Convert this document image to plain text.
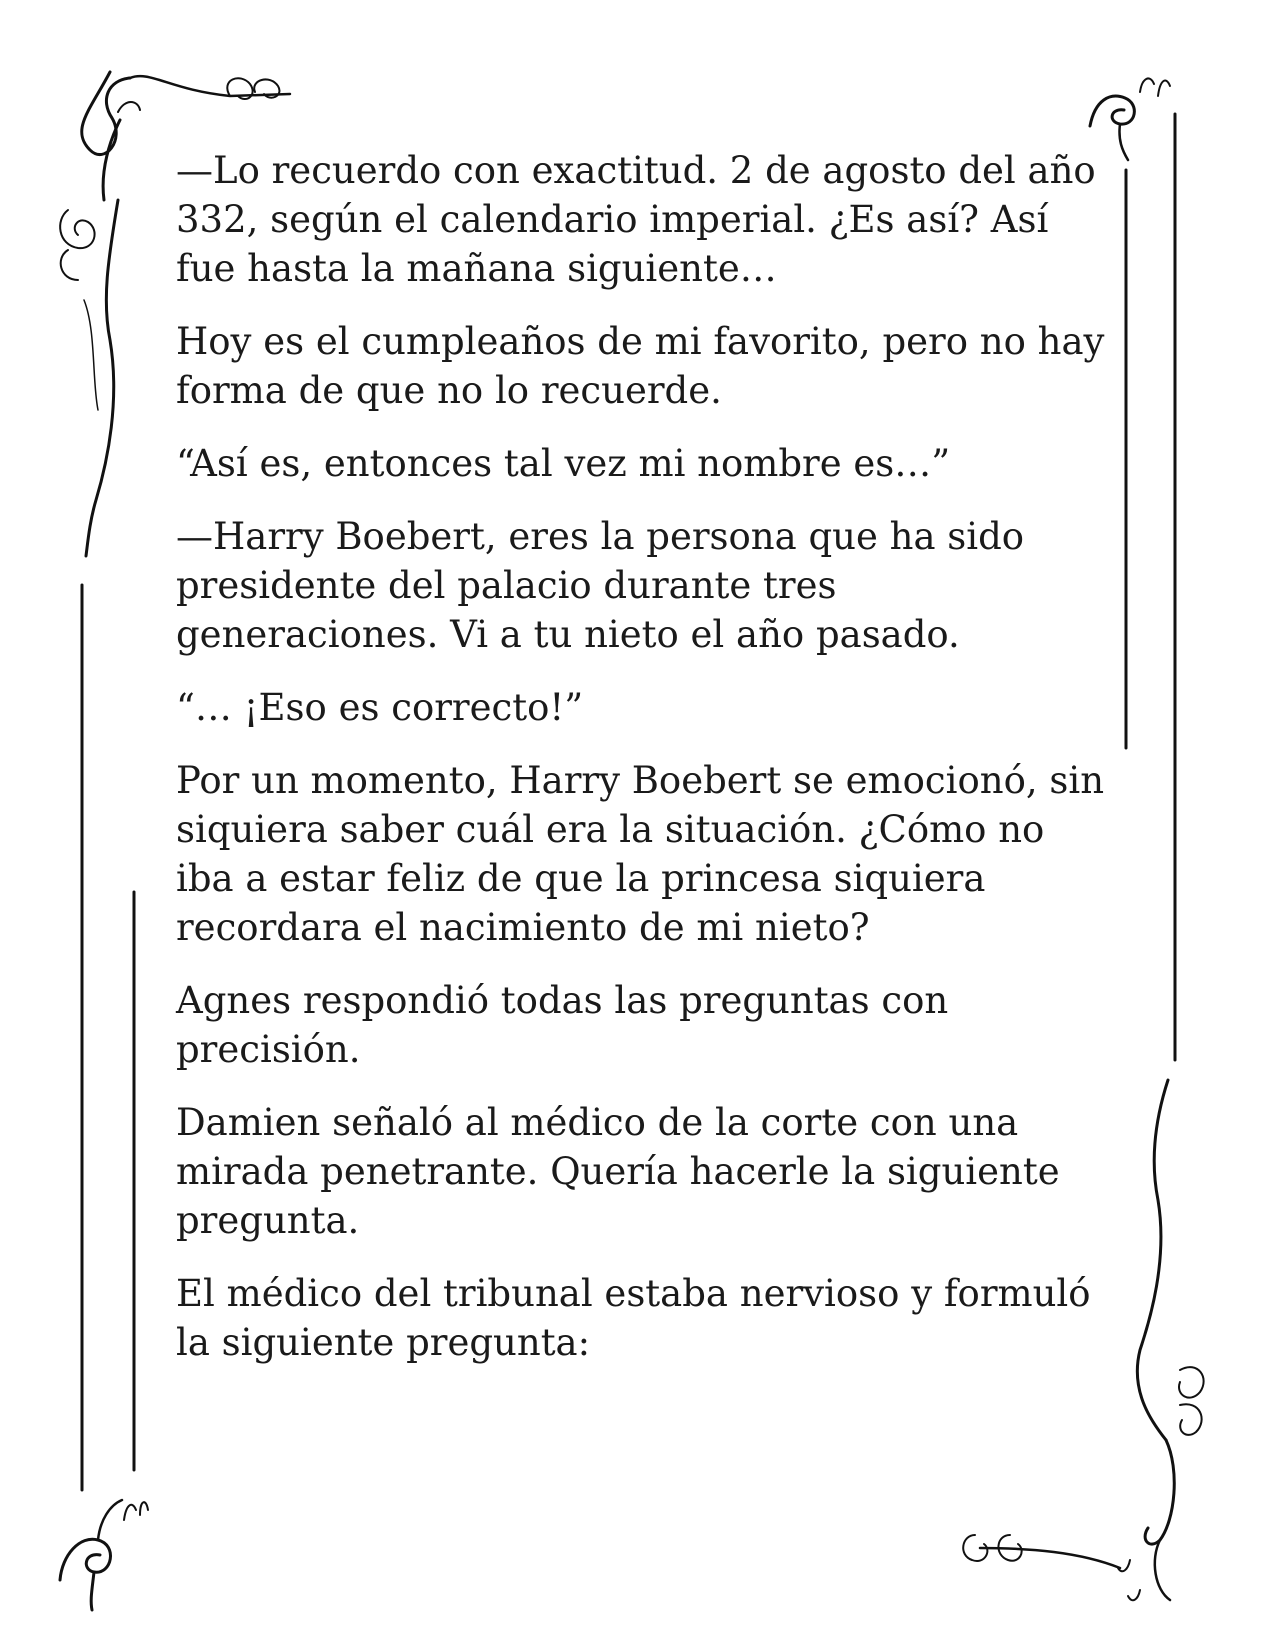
—Lo recuerdo con exactitud. 2 de agosto del año 332, según el calendario imperial. ¿Es así? Así fue hasta la mañana siguiente…

Hoy es el cumpleaños de mi favorito, pero no hay forma de que no lo recuerde.

“Así es, entonces tal vez mi nombre es…”

—Harry Boebert, eres la persona que ha sido presidente del palacio durante tres generaciones. Vi a tu nieto el año pasado.

“… ¡Eso es correcto!”

Por un momento, Harry Boebert se emocionó, sin siquiera saber cuál era la situación. ¿Cómo no iba a estar feliz de que la princesa siquiera recordara el nacimiento de mi nieto?

Agnes respondió todas las preguntas con precisión.

Damien señaló al médico de la corte con una mirada penetrante. Quería hacerle la siguiente pregunta.

El médico del tribunal estaba nervioso y formuló la siguiente pregunta:
